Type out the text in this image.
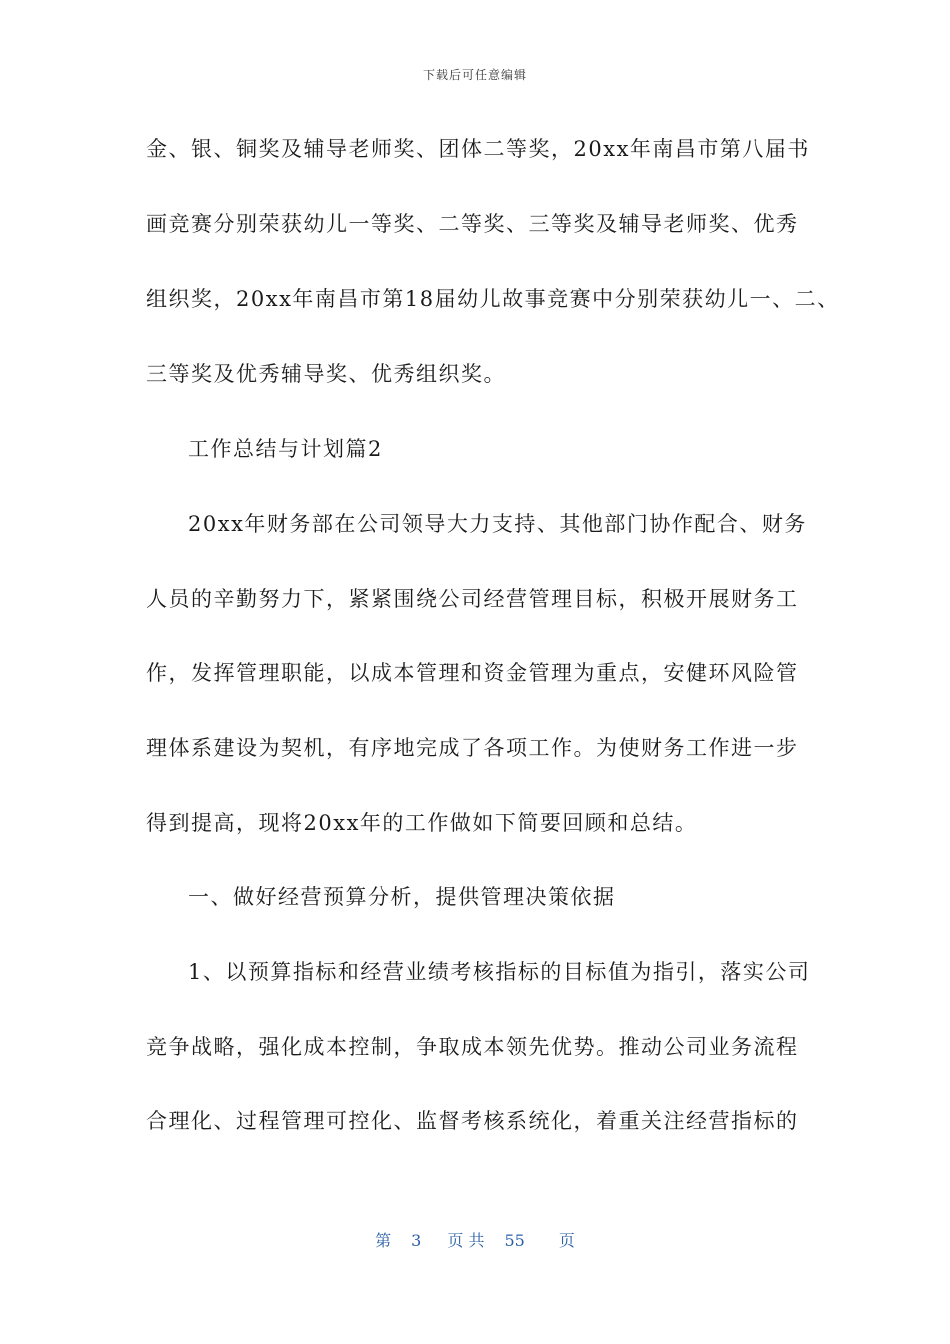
下载后可任意编辑
金、银、铜奖及辅导老师奖、团体二等奖，20xx年南昌市第八届书
画竞赛分别荣获幼儿一等奖、二等奖、三等奖及辅导老师奖、优秀
组织奖，20xx年南昌市第18届幼儿故事竞赛中分别荣获幼儿一、二、
三等奖及优秀辅导奖、优秀组织奖。
工作总结与计划篇2
20xx年财务部在公司领导大力支持、其他部门协作配合、财务
人员的辛勤努力下，紧紧围绕公司经营管理目标，积极开展财务工
作，发挥管理职能，以成本管理和资金管理为重点，安健环风险管
理体系建设为契机，有序地完成了各项工作。为使财务工作进一步
得到提高，现将20xx年的工作做如下简要回顾和总结。
一、做好经营预算分析，提供管理决策依据
1、以预算指标和经营业绩考核指标的目标值为指引，落实公司
竞争战略，强化成本控制，争取成本领先优势。推动公司业务流程
合理化、过程管理可控化、监督考核系统化，着重关注经营指标的
第 3 页 共 55 页
